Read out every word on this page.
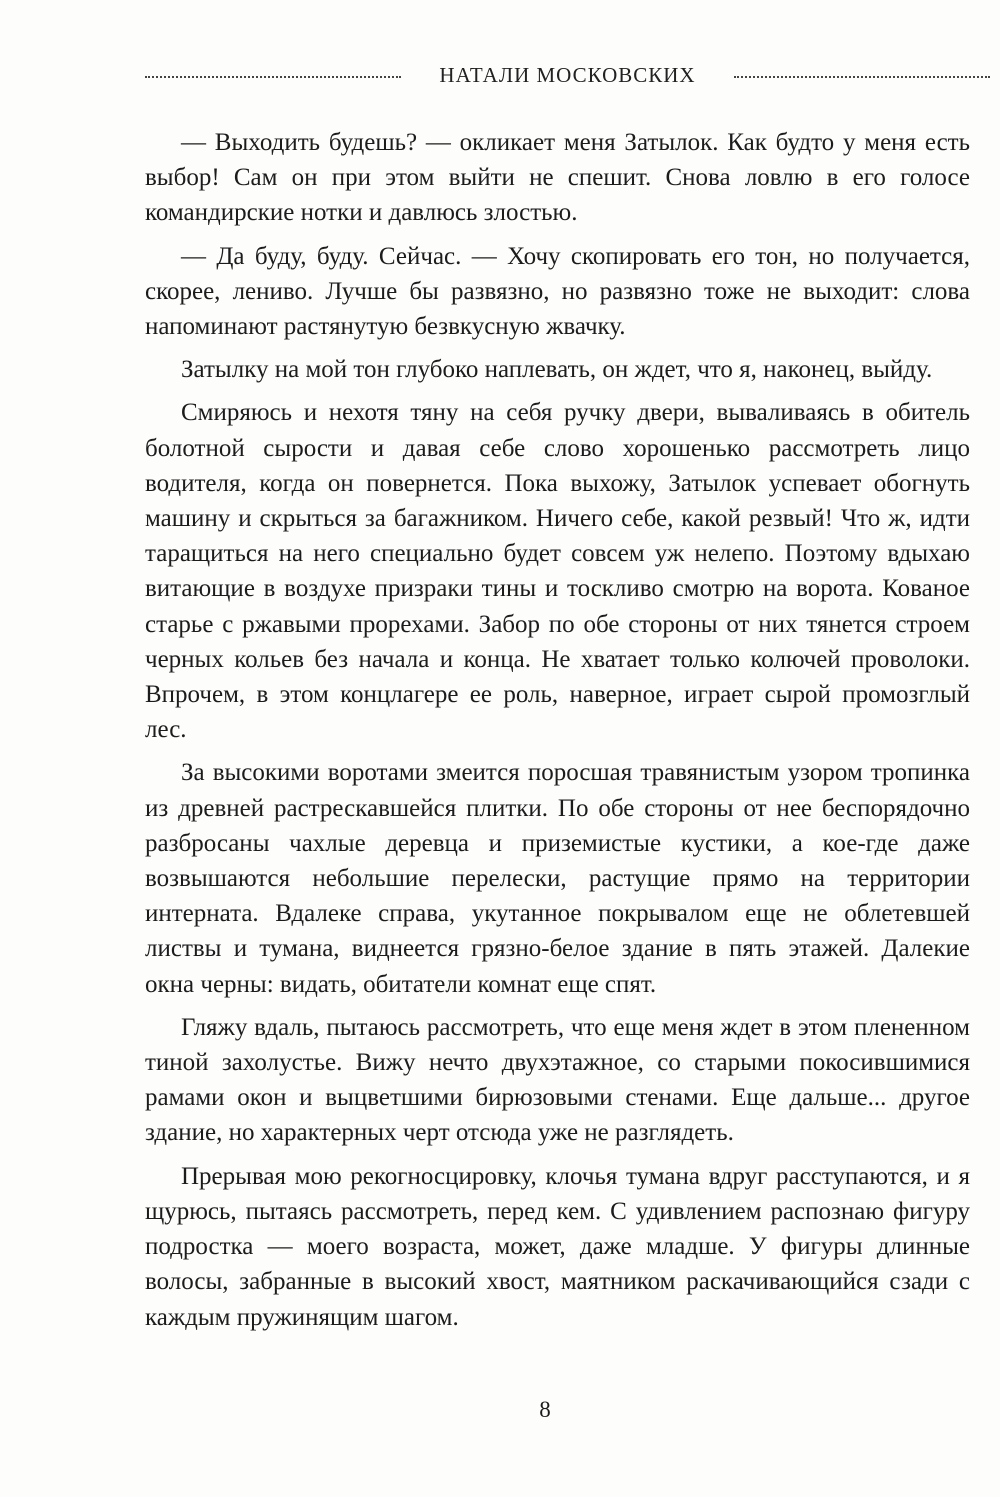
НАТАЛИ МОСКОВСКИХ

— Выходить будешь? — окликает меня Затылок. Как будто у меня есть выбор! Сам он при этом выйти не спешит. Снова ловлю в его голосе командирские нотки и давлюсь злостью.

— Да буду, буду. Сейчас. — Хочу скопировать его тон, но получается, скорее, лениво. Лучше бы развязно, но развязно тоже не выходит: слова напоминают растянутую безвкусную жвачку.

Затылку на мой тон глубоко наплевать, он ждет, что я, наконец, выйду.

Смиряюсь и нехотя тяну на себя ручку двери, вываливаясь в обитель болотной сырости и давая себе слово хорошенько рассмотреть лицо водителя, когда он повернется. Пока выхожу, Затылок успевает обогнуть машину и скрыться за багажником. Ничего себе, какой резвый! Что ж, идти таращиться на него специально будет совсем уж нелепо. Поэтому вдыхаю витающие в воздухе призраки тины и тоскливо смотрю на ворота. Кованое старье с ржавыми прорехами. Забор по обе стороны от них тянется строем черных кольев без начала и конца. Не хватает только колючей проволоки. Впрочем, в этом концлагере ее роль, наверное, играет сырой промозглый лес.

За высокими воротами змеится поросшая травянистым узором тропинка из древней растрескавшейся плитки. По обе стороны от нее беспорядочно разбросаны чахлые деревца и приземистые кустики, а кое-где даже возвышаются небольшие перелески, растущие прямо на территории интерната. Вдалеке справа, укутанное покрывалом еще не облетевшей листвы и тумана, виднеется грязно-белое здание в пять этажей. Далекие окна черны: видать, обитатели комнат еще спят.

Гляжу вдаль, пытаюсь рассмотреть, что еще меня ждет в этом плененном тиной захолустье. Вижу нечто двухэтажное, со старыми покосившимися рамами окон и выцветшими бирюзовыми стенами. Еще дальше... другое здание, но характерных черт отсюда уже не разглядеть.

Прерывая мою рекогносцировку, клочья тумана вдруг расступаются, и я щурюсь, пытаясь рассмотреть, перед кем. С удивлением распознаю фигуру подростка — моего возраста, может, даже младше. У фигуры длинные волосы, забранные в высокий хвост, маятником раскачивающийся сзади с каждым пружинящим шагом.

8
